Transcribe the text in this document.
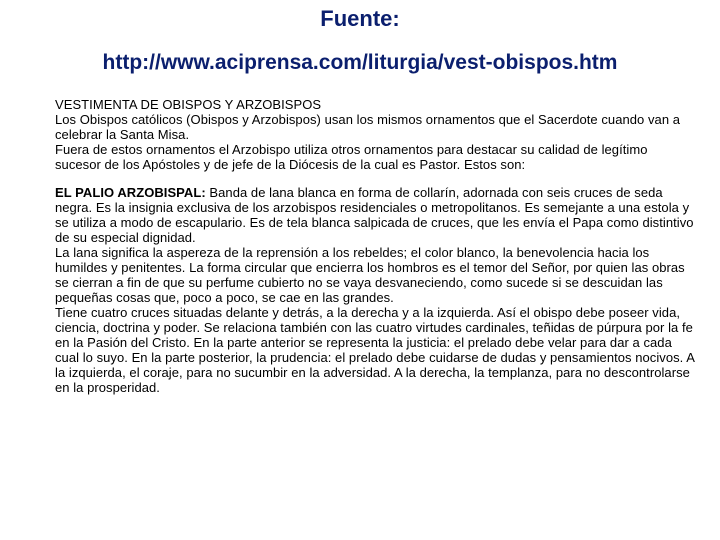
Fuente:
http://www.aciprensa.com/liturgia/vest-obispos.htm

VESTIMENTA DE OBISPOS Y ARZOBISPOS

Los Obispos católicos (Obispos y Arzobispos) usan los mismos ornamentos que el Sacerdote cuando van a celebrar la Santa Misa.

Fuera de estos ornamentos el Arzobispo utiliza otros ornamentos para destacar su calidad de legítimo sucesor de los Apóstoles y de jefe de la Diócesis de la cual es Pastor. Estos son:

EL PALIO ARZOBISPAL: Banda de lana blanca en forma de collarín, adornada con seis cruces de seda negra. Es la insignia exclusiva de los arzobispos residenciales o metropolitanos. Es semejante a una estola y se utiliza a modo de escapulario. Es de tela blanca salpicada de cruces, que les envía el Papa como distintivo de su especial dignidad.

La lana significa la aspereza de la reprensión a los rebeldes; el color blanco, la benevolencia hacia los humildes y penitentes. La forma circular que encierra los hombros es el temor del Señor, por quien las obras se cierran a fin de que su perfume cubierto no se vaya desvaneciendo, como sucede si se descuidan las pequeñas cosas que, poco a poco, se cae en las grandes.

Tiene cuatro cruces situadas delante y detrás, a la derecha y a la izquierda. Así el obispo debe poseer vida, ciencia, doctrina y poder. Se relaciona también con las cuatro virtudes cardinales, teñidas de púrpura por la fe en la Pasión del Cristo. En la parte anterior se representa la justicia: el prelado debe velar para dar a cada cual lo suyo. En la parte posterior, la prudencia: el prelado debe cuidarse de dudas y pensamientos nocivos. A la izquierda, el coraje, para no sucumbir en la adversidad. A la derecha, la templanza, para no descontrolarse en la prosperidad.
